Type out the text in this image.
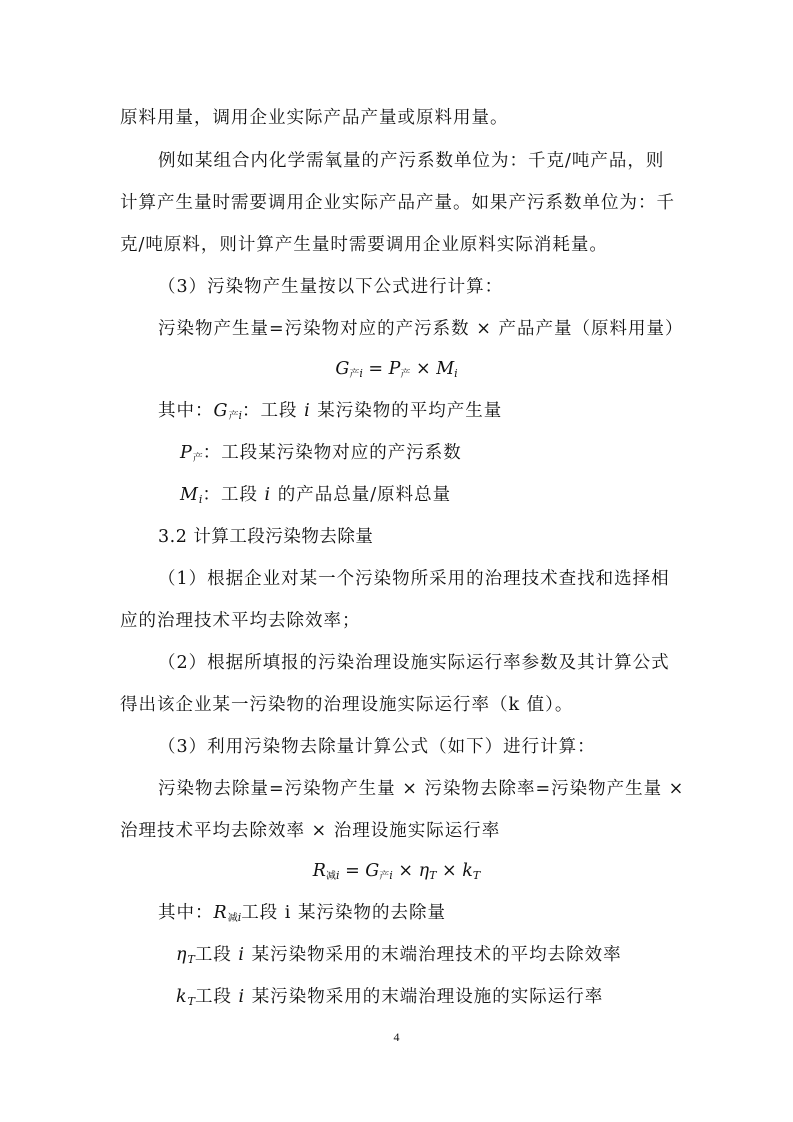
原料用量，调用企业实际产品产量或原料用量。
例如某组合内化学需氧量的产污系数单位为：千克/吨产品，则
计算产生量时需要调用企业实际产品产量。如果产污系数单位为：千
克/吨原料，则计算产生量时需要调用企业原料实际消耗量。
（3）污染物产生量按以下公式进行计算：
污染物产生量=污染物对应的产污系数 × 产品产量（原料用量）
G产$_i$ = P产 × $M_i$
其中：G产$_i$：工段 i 某污染物的平均产生量
P产：工段某污染物对应的产污系数
$M_i$：工段 i 的产品总量/原料总量
3.2 计算工段污染物去除量
（1）根据企业对某一个污染物所采用的治理技术查找和选择相
应的治理技术平均去除效率；
（2）根据所填报的污染治理设施实际运行率参数及其计算公式
得出该企业某一污染物的治理设施实际运行率（k 值）。
（3）利用污染物去除量计算公式（如下）进行计算：
污染物去除量=污染物产生量 × 污染物去除率=污染物产生量 ×
治理技术平均去除效率 × 治理设施实际运行率
R减$_i$ = G产$_i \times \eta_T \times k_T$
其中：R减$_i$工段 i 某污染物的去除量
$\eta_T$工段 i 某污染物采用的末端治理技术的平均去除效率
$k_T$工段 i 某污染物采用的末端治理设施的实际运行率
4
